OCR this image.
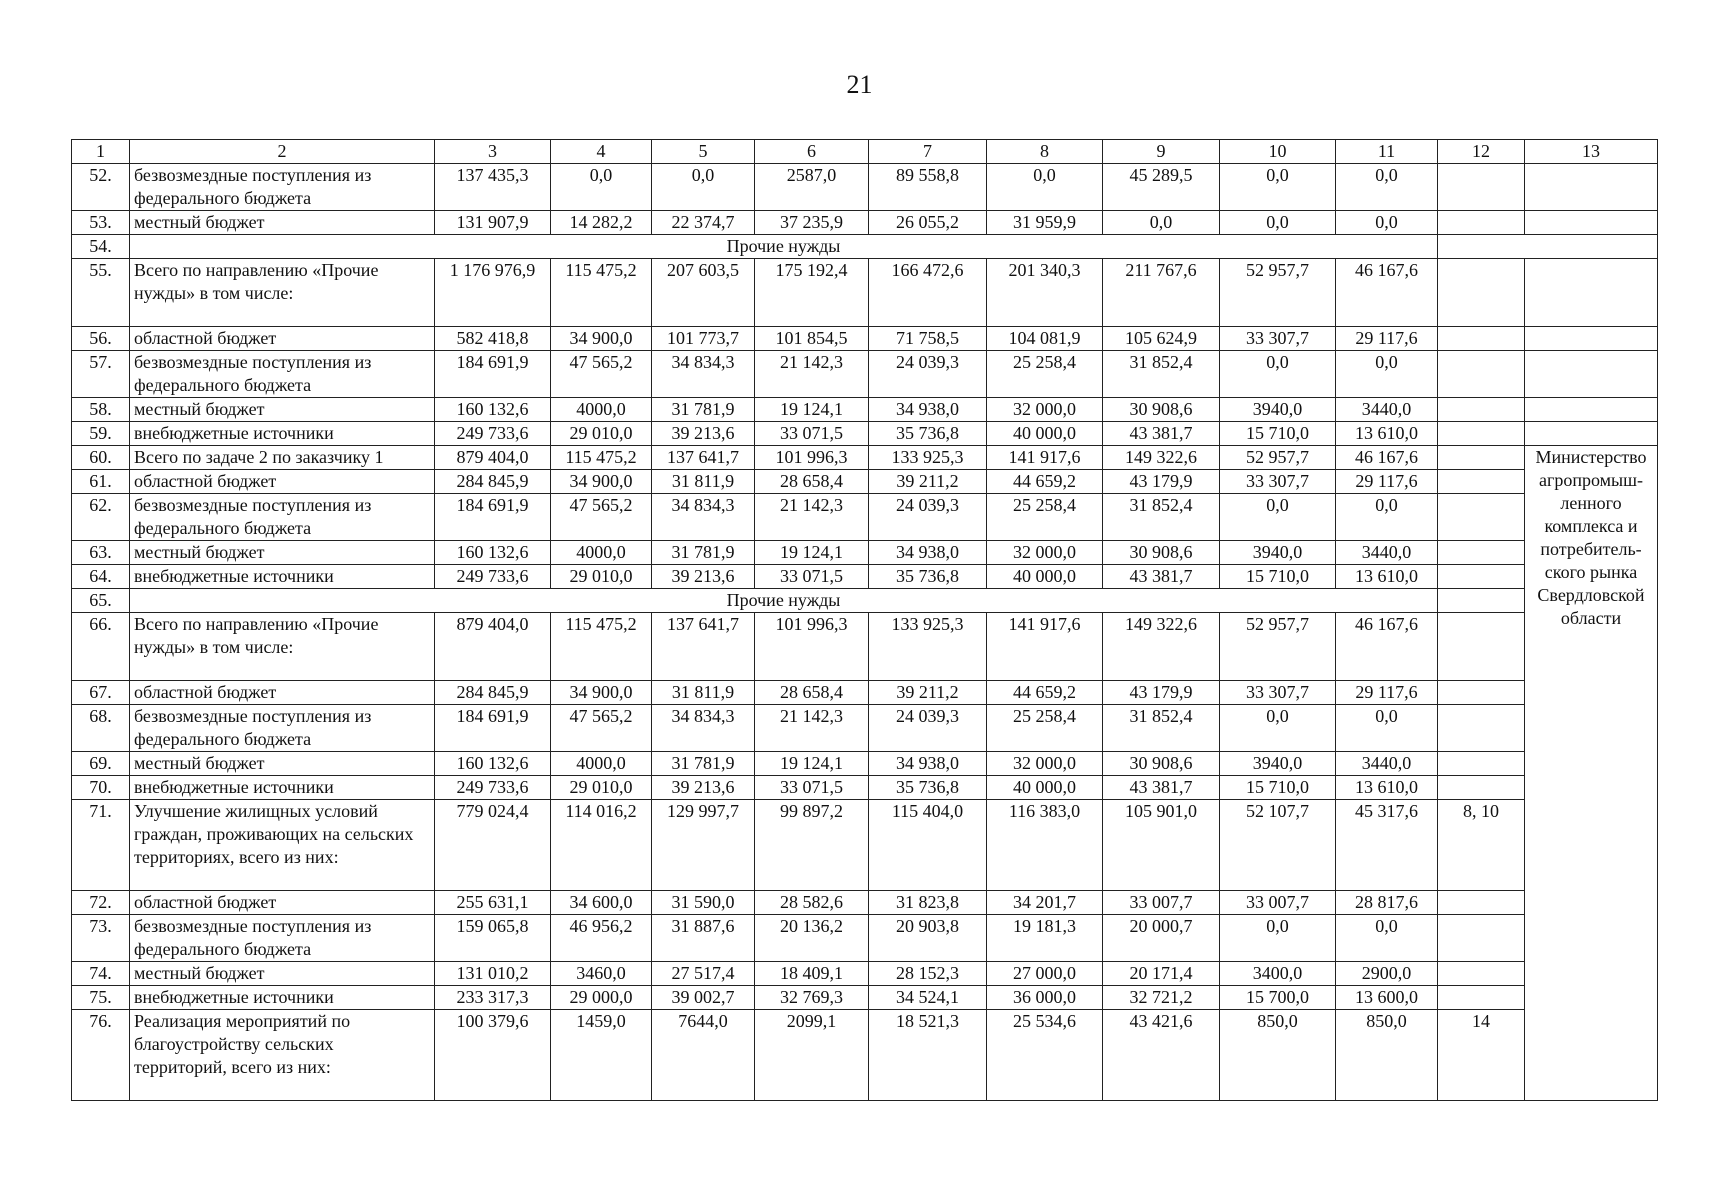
21
1	2	3	4	5	6	7	8	9	10	11	12	13
52.	безвозмездные поступления из федерального бюджета	137 435,3	0,0	0,0	2587,0	89 558,8	0,0	45 289,5	0,0	0,0		
53.	местный бюджет	131 907,9	14 282,2	22 374,7	37 235,9	26 055,2	31 959,9	0,0	0,0	0,0		
54.	Прочие нужды											
55.	Всего по направлению «Прочие нужды» в том числе:	1 176 976,9	115 475,2	207 603,5	175 192,4	166 472,6	201 340,3	211 767,6	52 957,7	46 167,6		
56.	областной бюджет	582 418,8	34 900,0	101 773,7	101 854,5	71 758,5	104 081,9	105 624,9	33 307,7	29 117,6		
57.	безвозмездные поступления из федерального бюджета	184 691,9	47 565,2	34 834,3	21 142,3	24 039,3	25 258,4	31 852,4	0,0	0,0		
58.	местный бюджет	160 132,6	4000,0	31 781,9	19 124,1	34 938,0	32 000,0	30 908,6	3940,0	3440,0		
59.	внебюджетные источники	249 733,6	29 010,0	39 213,6	33 071,5	35 736,8	40 000,0	43 381,7	15 710,0	13 610,0		
60.	Всего по задаче 2 по заказчику 1	879 404,0	115 475,2	137 641,7	101 996,3	133 925,3	141 917,6	149 322,6	52 957,7	46 167,6		Министерство агропромыш-ленного комплекса и потребитель-ского рынка Свердловской области
61.	областной бюджет	284 845,9	34 900,0	31 811,9	28 658,4	39 211,2	44 659,2	43 179,9	33 307,7	29 117,6		
62.	безвозмездные поступления из федерального бюджета	184 691,9	47 565,2	34 834,3	21 142,3	24 039,3	25 258,4	31 852,4	0,0	0,0		
63.	местный бюджет	160 132,6	4000,0	31 781,9	19 124,1	34 938,0	32 000,0	30 908,6	3940,0	3440,0		
64.	внебюджетные источники	249 733,6	29 010,0	39 213,6	33 071,5	35 736,8	40 000,0	43 381,7	15 710,0	13 610,0		
65.	Прочие нужды											
66.	Всего по направлению «Прочие нужды» в том числе:	879 404,0	115 475,2	137 641,7	101 996,3	133 925,3	141 917,6	149 322,6	52 957,7	46 167,6		
67.	областной бюджет	284 845,9	34 900,0	31 811,9	28 658,4	39 211,2	44 659,2	43 179,9	33 307,7	29 117,6		
68.	безвозмездные поступления из федерального бюджета	184 691,9	47 565,2	34 834,3	21 142,3	24 039,3	25 258,4	31 852,4	0,0	0,0		
69.	местный бюджет	160 132,6	4000,0	31 781,9	19 124,1	34 938,0	32 000,0	30 908,6	3940,0	3440,0		
70.	внебюджетные источники	249 733,6	29 010,0	39 213,6	33 071,5	35 736,8	40 000,0	43 381,7	15 710,0	13 610,0		
71.	Улучшение жилищных условий граждан, проживающих на сельских территориях, всего из них:	779 024,4	114 016,2	129 997,7	99 897,2	115 404,0	116 383,0	105 901,0	52 107,7	45 317,6	8, 10	
72.	областной бюджет	255 631,1	34 600,0	31 590,0	28 582,6	31 823,8	34 201,7	33 007,7	33 007,7	28 817,6		
73.	безвозмездные поступления из федерального бюджета	159 065,8	46 956,2	31 887,6	20 136,2	20 903,8	19 181,3	20 000,7	0,0	0,0		
74.	местный бюджет	131 010,2	3460,0	27 517,4	18 409,1	28 152,3	27 000,0	20 171,4	3400,0	2900,0		
75.	внебюджетные источники	233 317,3	29 000,0	39 002,7	32 769,3	34 524,1	36 000,0	32 721,2	15 700,0	13 600,0		
76.	Реализация мероприятий по благоустройству сельских территорий, всего из них:	100 379,6	1459,0	7644,0	2099,1	18 521,3	25 534,6	43 421,6	850,0	850,0	14	
